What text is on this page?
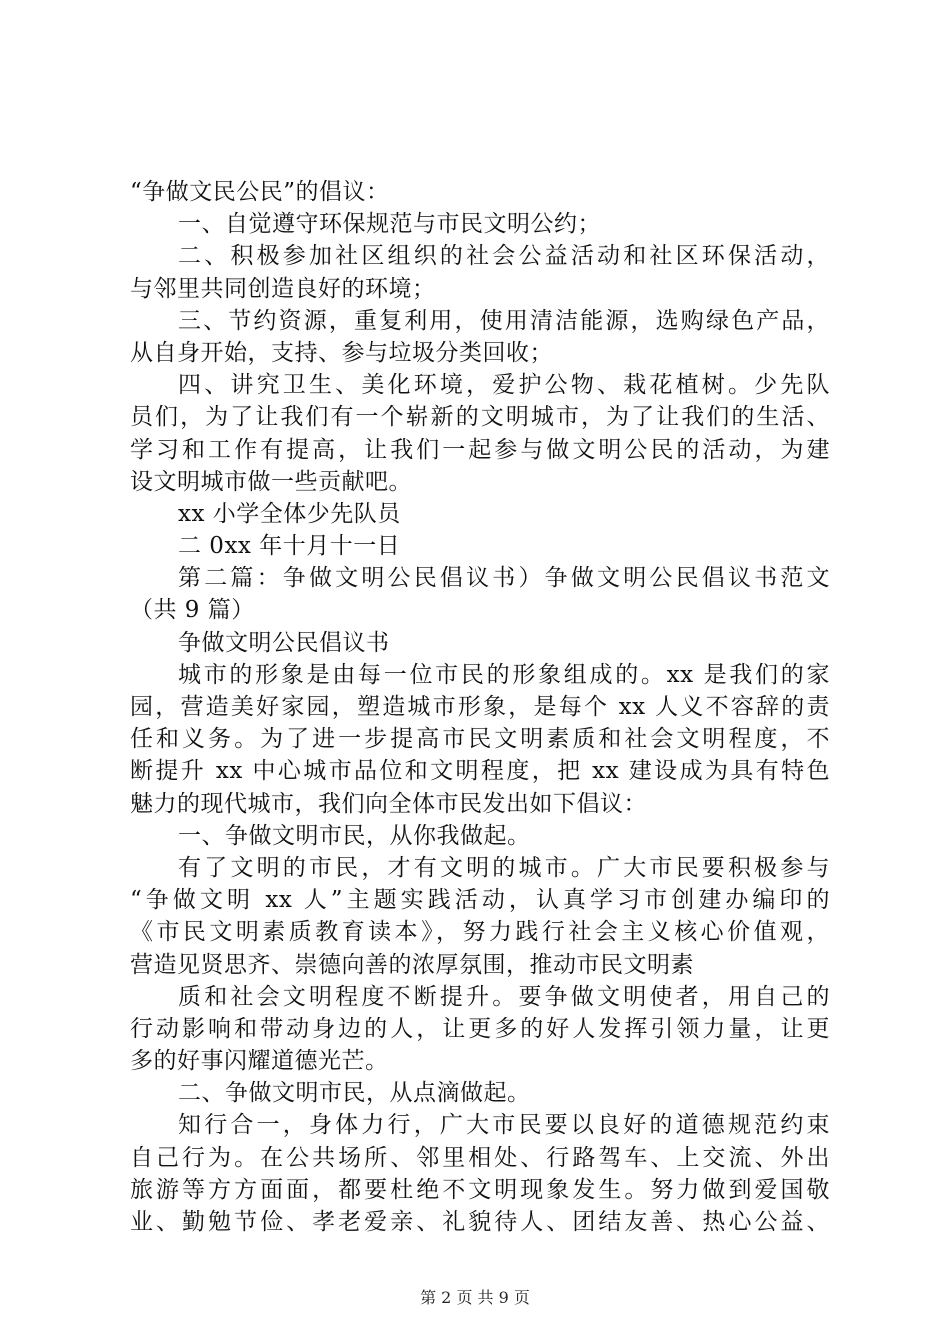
“争做文民公民”的倡议：
一、自觉遵守环保规范与市民文明公约；
二、积极参加社区组织的社会公益活动和社区环保活动，
与邻里共同创造良好的环境；
三、节约资源，重复利用，使用清洁能源，选购绿色产品，
从自身开始，支持、参与垃圾分类回收；
四、讲究卫生、美化环境，爱护公物、栽花植树。少先队
员们，为了让我们有一个崭新的文明城市，为了让我们的生活、
学习和工作有提高，让我们一起参与做文明公民的活动，为建
设文明城市做一些贡献吧。
xx 小学全体少先队员
二 0xx 年十月十一日
第二篇：争做文明公民倡议书）争做文明公民倡议书范文
（共 9 篇）
争做文明公民倡议书
城市的形象是由每一位市民的形象组成的。xx 是我们的家
园，营造美好家园，塑造城市形象，是每个 xx 人义不容辞的责
任和义务。为了进一步提高市民文明素质和社会文明程度，不
断提升 xx 中心城市品位和文明程度，把 xx 建设成为具有特色
魅力的现代城市，我们向全体市民发出如下倡议：
一、争做文明市民，从你我做起。
有了文明的市民，才有文明的城市。广大市民要积极参与
“争做文明 xx 人”主题实践活动，认真学习市创建办编印的
《市民文明素质教育读本》，努力践行社会主义核心价值观，
营造见贤思齐、崇德向善的浓厚氛围，推动市民文明素
质和社会文明程度不断提升。要争做文明使者，用自己的
行动影响和带动身边的人，让更多的好人发挥引领力量，让更
多的好事闪耀道德光芒。
二、争做文明市民，从点滴做起。
知行合一，身体力行，广大市民要以良好的道德规范约束
自己行为。在公共场所、邻里相处、行路驾车、上交流、外出
旅游等方方面面，都要杜绝不文明现象发生。努力做到爱国敬
业、勤勉节俭、孝老爱亲、礼貌待人、团结友善、热心公益、
第 2 页 共 9 页
